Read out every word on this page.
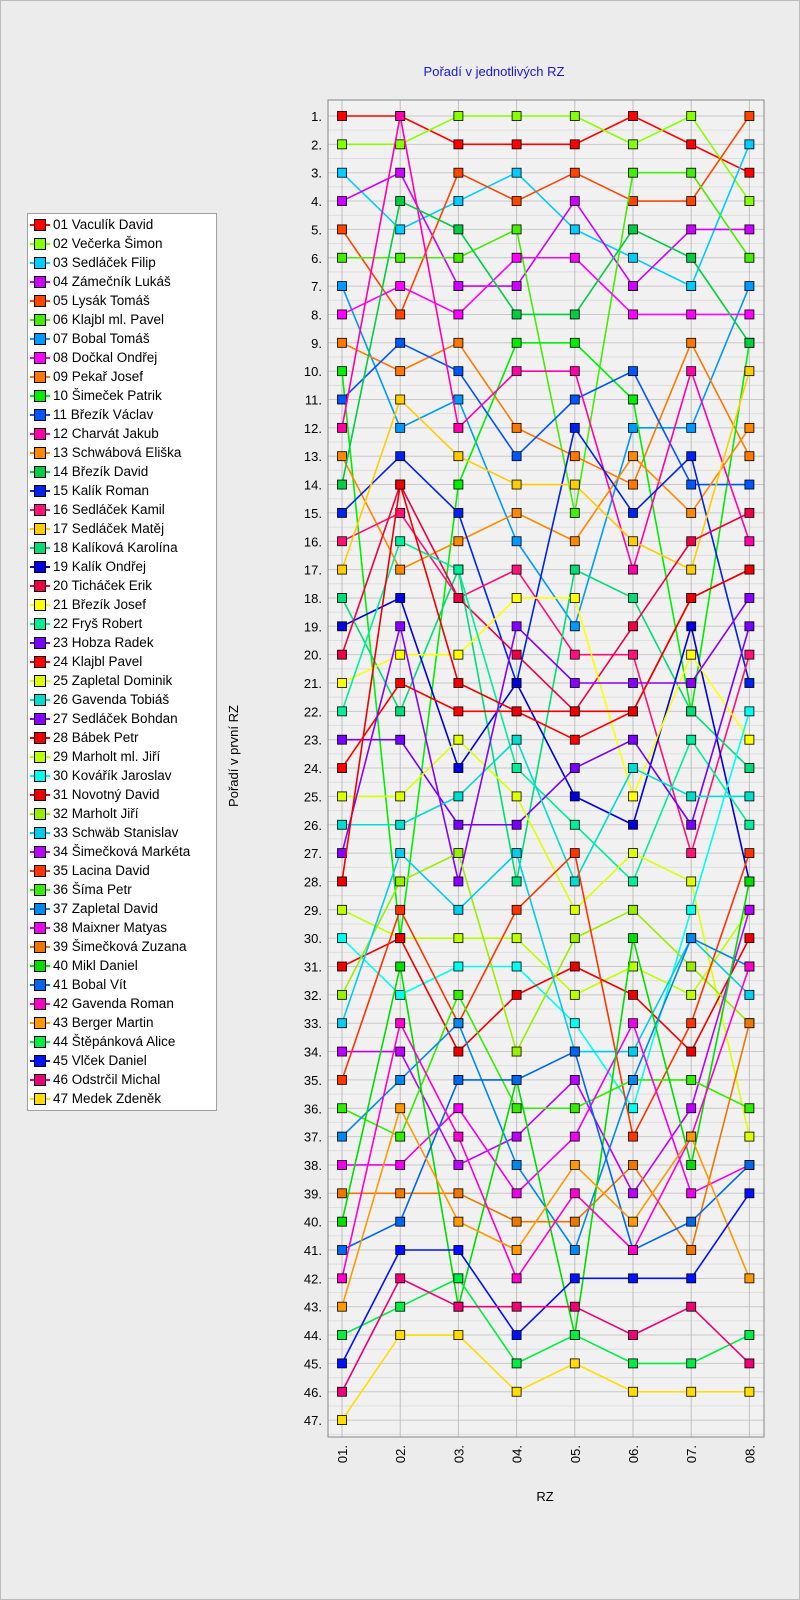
1.
2.
3.
4.
5.
6.
7.
8.
9.
10.
11.
12.
13.
14.
15.
16.
17.
18.
19.
20.
21.
22.
23.
24.
25.
26.
27.
28.
29.
30.
31.
32.
33.
34.
35.
36.
37.
38.
39.
40.
41.
42.
43.
44.
45.
46.
47.
01.	02.	03.	04.	05.	06.	07.	08.
Pořadí v jednotlivých RZ
RZ
Pořadí v první RZ
01 Vaculík David
02 Večerka Šimon
03 Sedláček Filip
04 Zámečník Lukáš
05 Lysák Tomáš
06 Klajbl ml. Pavel
07 Bobal Tomáš
08 Dočkal Ondřej
09 Pekař Josef
10 Šimeček Patrik
11 Březík Václav
12 Charvát Jakub
13 Schwábová Eliška
14 Březík David
15 Kalík Roman
16 Sedláček Kamil
17 Sedláček Matěj
18 Kalíková Karolína
19 Kalík Ondřej
20 Ticháček Erik
21 Březík Josef
22 Fryš Robert
23 Hobza Radek
24 Klajbl Pavel
25 Zapletal Dominik
26 Gavenda Tobiáš
27 Sedláček Bohdan
28 Bábek Petr
29 Marholt ml. Jiří
30 Kovářík Jaroslav
31 Novotný David
32 Marholt Jiří
33 Schwäb Stanislav
34 Šimečková Markéta
35 Lacina David
36 Šíma Petr
37 Zapletal David
38 Maixner Matyas
39 Šimečková Zuzana
40 Mikl Daniel
41 Bobal Vít
42 Gavenda Roman
43 Berger Martin
44 Štěpánková Alice
45 Vlček Daniel
46 Odstrčil Michal
47 Medek Zdeněk
